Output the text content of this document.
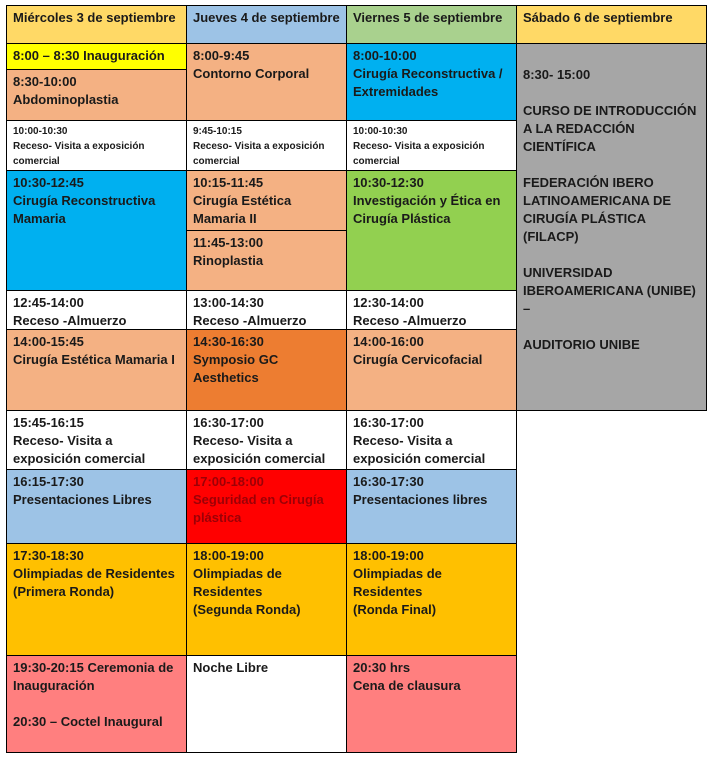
Miércoles 3 de septiembre	Jueves 4 de septiembre Viernes 5 de septiembre	Sábado 6 de septiembre
8:00 – 8:30 Inauguración
8:30-10:00
Abdominoplastia
10:00-10:30
Receso- Visita a exposición comercial
10:30-12:45
Cirugía Reconstructiva Mamaria
12:45-14:00
Receso -Almuerzo
14:00-15:45
Cirugía Estética Mamaria I
15:45-16:15
Receso- Visita a exposición comercial
16:15-17:30
Presentaciones Libres
17:30-18:30
Olimpiadas de Residentes
(Primera Ronda)
19:30-20:15 Ceremonia de Inauguración
20:30 – Coctel Inaugural
8:00-9:45
Contorno Corporal
9:45-10:15
Receso- Visita a exposición comercial
10:15-11:45
Cirugía Estética Mamaria II
11:45-13:00
Rinoplastia
13:00-14:30
Receso -Almuerzo
14:30-16:30
Symposio GC Aesthetics
16:30-17:00
Receso- Visita a exposición comercial
17:00-18:00
Seguridad en Cirugía plástica
18:00-19:00
Olimpiadas de Residentes
(Segunda Ronda)
Noche Libre
8:00-10:00
Cirugía Reconstructiva / Extremidades
10:00-10:30
Receso- Visita a exposición comercial
10:30-12:30
Investigación y Ética en Cirugía Plástica
12:30-14:00
Receso -Almuerzo
14:00-16:00
Cirugía Cervicofacial
16:30-17:00
Receso- Visita a exposición comercial
16:30-17:30
Presentaciones libres
18:00-19:00
Olimpiadas de Residentes
(Ronda Final)
20:30 hrs
Cena de clausura
8:30- 15:00
CURSO DE INTRODUCCIÓN A LA REDACCIÓN CIENTÍFICA
FEDERACIÓN IBERO LATINOAMERICANA DE CIRUGÍA PLÁSTICA (FILACP)
UNIVERSIDAD IBEROAMERICANA (UNIBE) –
AUDITORIO UNIBE
